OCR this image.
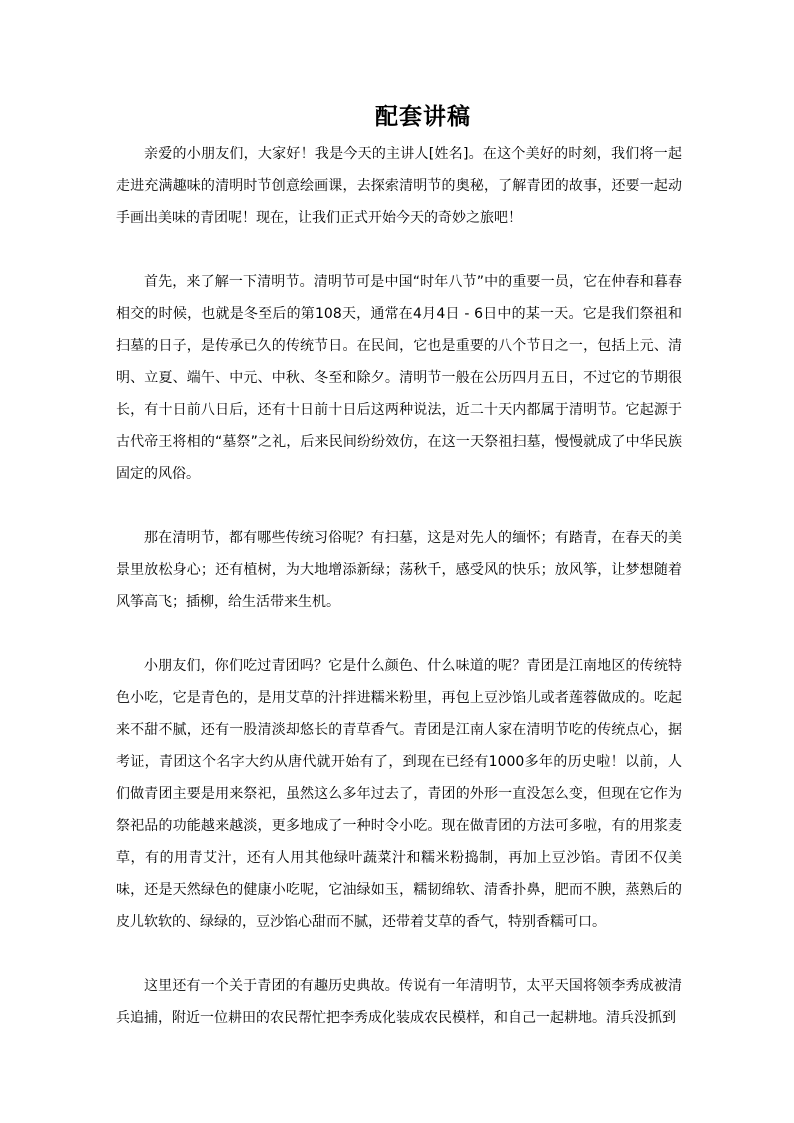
配套讲稿

亲爱的小朋友们，大家好！我是今天的主讲人[姓名]。在这个美好的时刻，我们将一起走进充满趣味的清明时节创意绘画课，去探索清明节的奥秘，了解青团的故事，还要一起动手画出美味的青团呢！现在，让我们正式开始今天的奇妙之旅吧！

首先，来了解一下清明节。清明节可是中国“时年八节”中的重要一员，它在仲春和暮春相交的时候，也就是冬至后的第108天，通常在4月4日 - 6日中的某一天。它是我们祭祖和扫墓的日子，是传承已久的传统节日。在民间，它也是重要的八个节日之一，包括上元、清明、立夏、端午、中元、中秋、冬至和除夕。清明节一般在公历四月五日，不过它的节期很长，有十日前八日后，还有十日前十日后这两种说法，近二十天内都属于清明节。它起源于古代帝王将相的“墓祭”之礼，后来民间纷纷效仿，在这一天祭祖扫墓，慢慢就成了中华民族固定的风俗。

那在清明节，都有哪些传统习俗呢？有扫墓，这是对先人的缅怀；有踏青，在春天的美景里放松身心；还有植树，为大地增添新绿；荡秋千，感受风的快乐；放风筝，让梦想随着风筝高飞；插柳，给生活带来生机。

小朋友们，你们吃过青团吗？它是什么颜色、什么味道的呢？青团是江南地区的传统特色小吃，它是青色的，是用艾草的汁拌进糯米粉里，再包上豆沙馅儿或者莲蓉做成的。吃起来不甜不腻，还有一股清淡却悠长的青草香气。青团是江南人家在清明节吃的传统点心，据考证，青团这个名字大约从唐代就开始有了，到现在已经有1000多年的历史啦！以前，人们做青团主要是用来祭祀，虽然这么多年过去了，青团的外形一直没怎么变，但现在它作为祭祀品的功能越来越淡，更多地成了一种时令小吃。现在做青团的方法可多啦，有的用浆麦草，有的用青艾汁，还有人用其他绿叶蔬菜汁和糯米粉捣制，再加上豆沙馅。青团不仅美味，还是天然绿色的健康小吃呢，它油绿如玉，糯韧绵软、清香扑鼻，肥而不腴，蒸熟后的皮儿软软的、绿绿的，豆沙馅心甜而不腻，还带着艾草的香气，特别香糯可口。

这里还有一个关于青团的有趣历史典故。传说有一年清明节，太平天国将领李秀成被清兵追捕，附近一位耕田的农民帮忙把李秀成化装成农民模样，和自己一起耕地。清兵没抓到
